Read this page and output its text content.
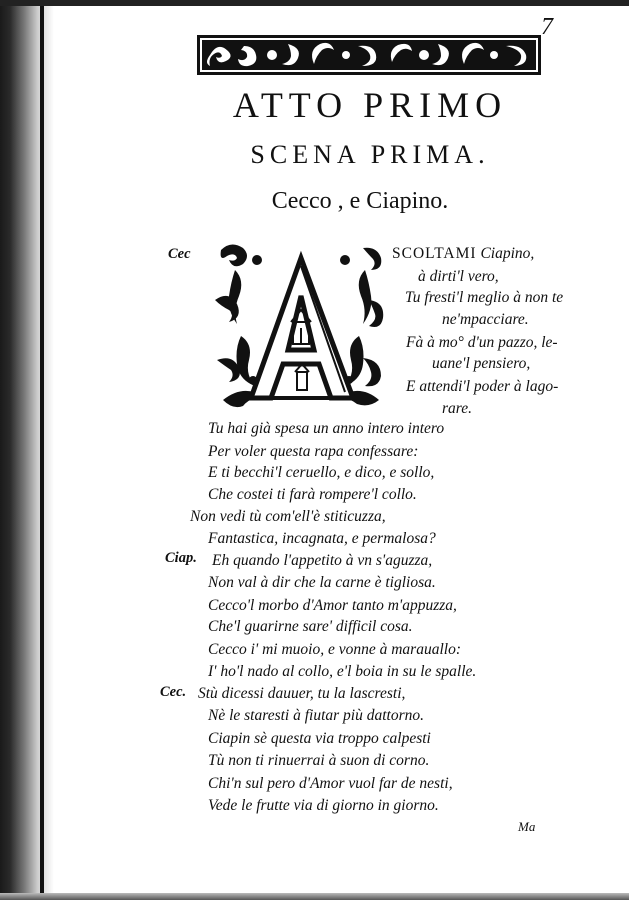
7
ATTO PRIMO
SCENA PRIMA.
Cecco , e Ciapino.
Cec
Ciap.
Cec.
SCOLTAMI Ciapino,
à dirti'l vero,
Tu fresti'l meglio à non te
ne'mpacciare.
Fà à mo° d'un pazzo, le-
uane'l pensiero,
E attendi'l poder à lago-
rare.
Tu hai già spesa un anno intero intero
Per voler questa rapa confessare:
E ti becchi'l ceruello, e dico, e sollo,
Che costei ti farà rompere'l collo.
Non vedi tù com'ell'è stiticuzza,
Fantastica, incagnata, e permalosa?
Eh quando l'appetito à vn s'aguzza,
Non val à dir che la carne è tigliosa.
Cecco'l morbo d'Amor tanto m'appuzza,
Che'l guarirne sare' difficil cosa.
Cecco i' mi muoio, e vonne à marauallo:
I' ho'l nado al collo, e'l boia in su le spalle.
Stù dicessi dauuer, tu la lascresti,
Nè le staresti à fiutar più dattorno.
Ciapin sè questa via troppo calpesti
Tù non ti rinuerrai à suon di corno.
Chi'n sul pero d'Amor vuol far de nesti,
Vede le frutte via di giorno in giorno.
Ma
